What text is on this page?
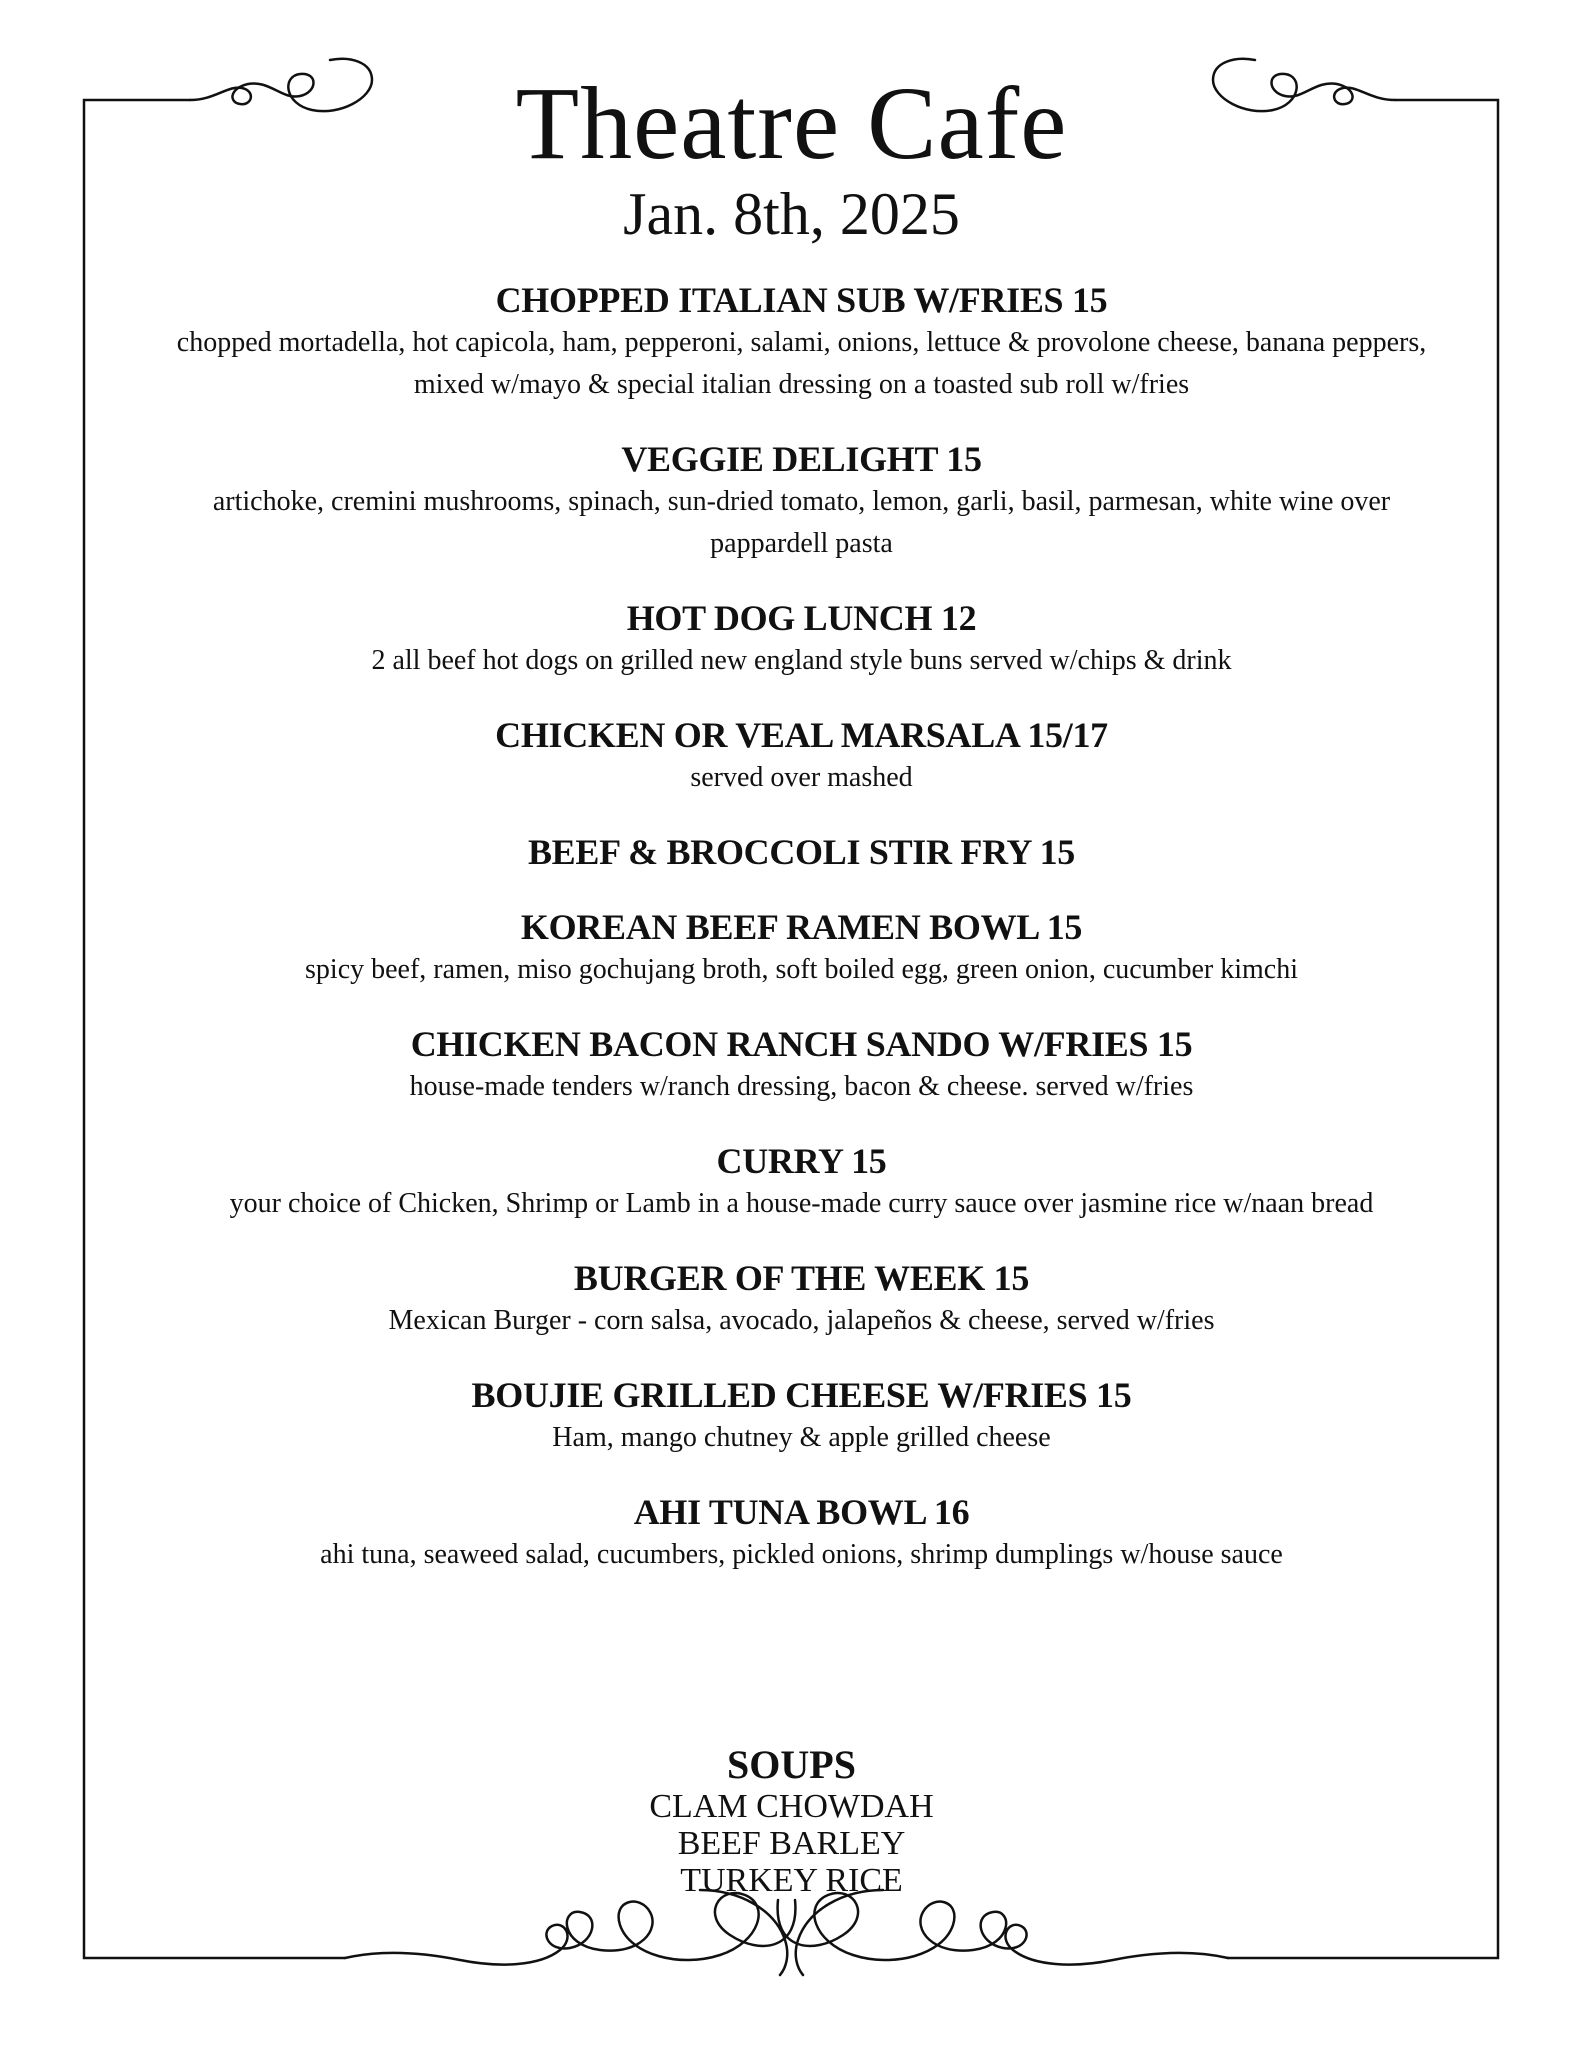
Theatre Cafe
Jan. 8th, 2025
CHOPPED ITALIAN SUB W/FRIES 15
chopped mortadella, hot capicola, ham, pepperoni, salami, onions, lettuce & provolone cheese, banana peppers, mixed w/mayo & special italian dressing on a toasted sub roll w/fries
VEGGIE DELIGHT 15
artichoke, cremini mushrooms, spinach, sun-dried tomato, lemon, garli, basil, parmesan, white wine over pappardell pasta
HOT DOG LUNCH 12
2 all beef hot dogs on grilled new england style buns served w/chips & drink
CHICKEN OR VEAL MARSALA 15/17
served over mashed
BEEF & BROCCOLI STIR FRY 15
KOREAN BEEF RAMEN BOWL 15
spicy beef, ramen, miso gochujang broth, soft boiled egg, green onion, cucumber kimchi
CHICKEN BACON RANCH SANDO W/FRIES 15
house-made tenders w/ranch dressing, bacon & cheese. served w/fries
CURRY 15
your choice of Chicken, Shrimp or Lamb in a house-made curry sauce over jasmine rice w/naan bread
BURGER OF THE WEEK 15
Mexican Burger - corn salsa, avocado, jalapeños & cheese, served w/fries
BOUJIE GRILLED CHEESE W/FRIES 15
Ham, mango chutney & apple grilled cheese
AHI TUNA BOWL 16
ahi tuna, seaweed salad, cucumbers, pickled onions, shrimp dumplings w/house sauce
SOUPS
CLAM CHOWDAH
BEEF BARLEY
TURKEY RICE
